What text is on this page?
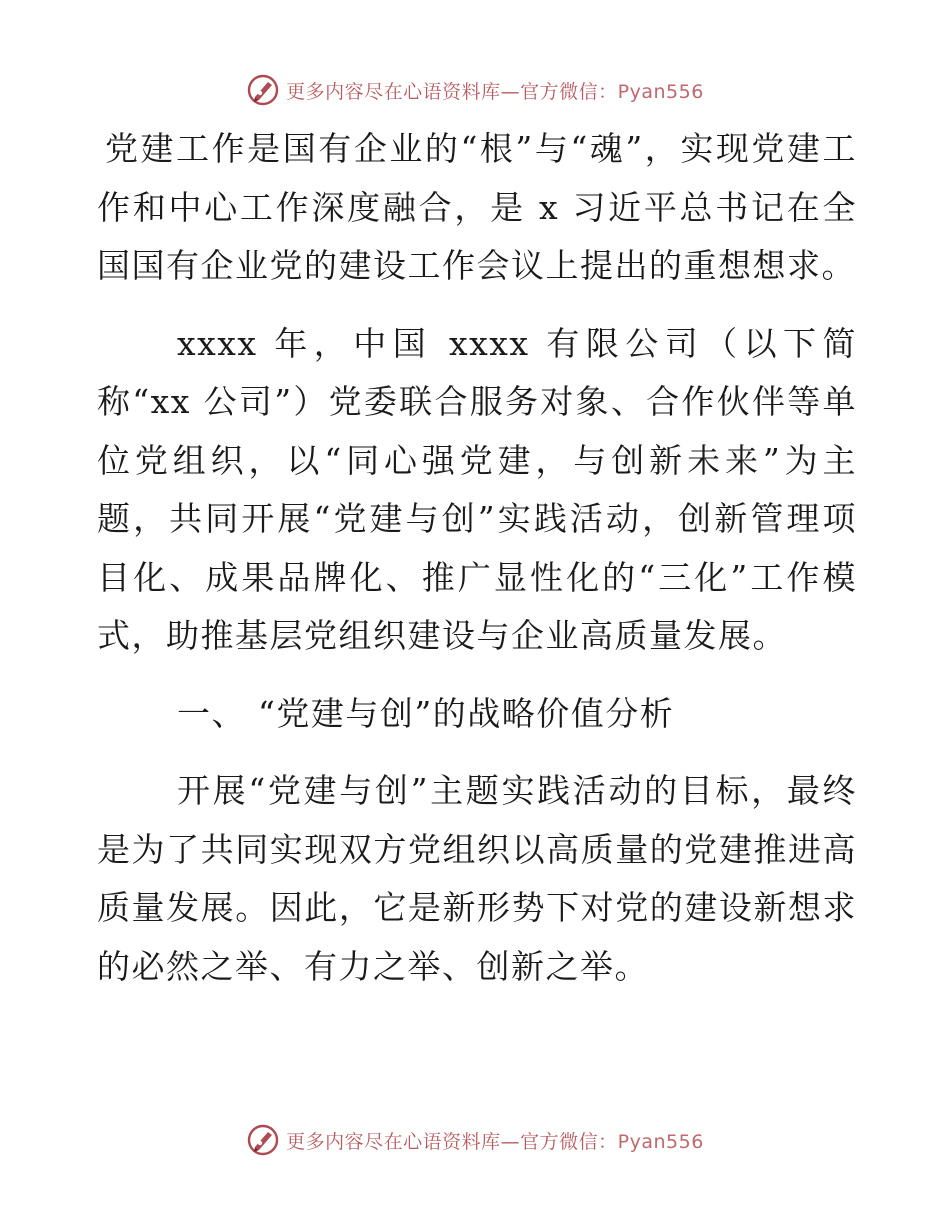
更多内容尽在心语资料库—官方微信：Pyan556

党建工作是国有企业的“根”与“魂”，实现党建工作和中心工作深度融合，是 x 习近平总书记在全国国有企业党的建设工作会议上提出的重想想求。

xxxx 年，中国 xxxx 有限公司（以下简称“xx 公司”）党委联合服务对象、合作伙伴等单位党组织，以“同心强党建，与创新未来”为主题，共同开展“党建与创”实践活动，创新管理项目化、成果品牌化、推广显性化的“三化”工作模式，助推基层党组织建设与企业高质量发展。

一、 “党建与创”的战略价值分析

开展“党建与创”主题实践活动的目标，最终是为了共同实现双方党组织以高质量的党建推进高质量发展。因此，它是新形势下对党的建设新想求的必然之举、有力之举、创新之举。

更多内容尽在心语资料库—官方微信：Pyan556
